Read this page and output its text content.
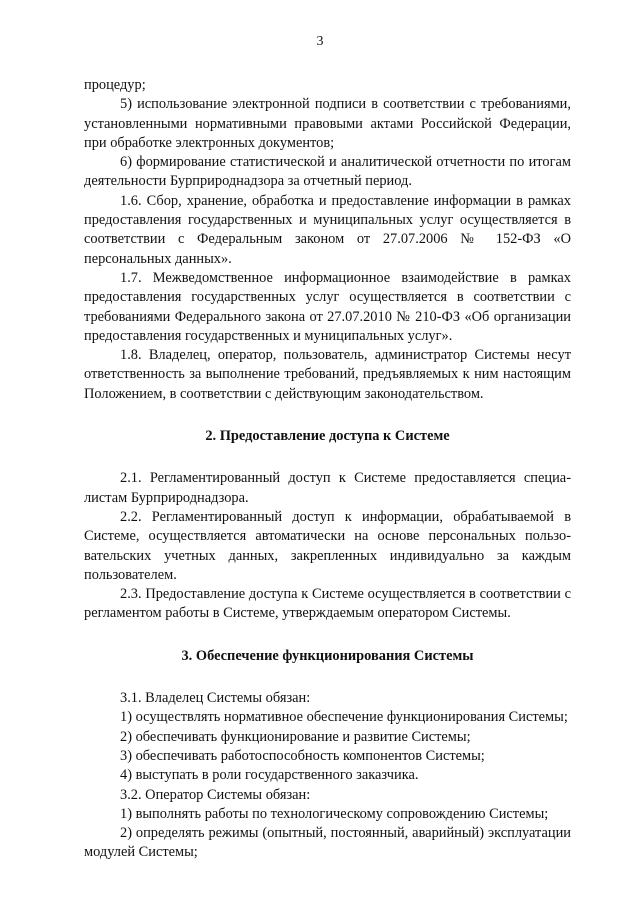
3

процедур;

5) использование электронной подписи в соответствии с требованиями, установленными нормативными правовыми актами Российской Федерации, при обработке электронных документов;

6) формирование статистической и аналитической отчетности по итогам деятельности Бурприроднадзора за отчетный период.

1.6. Сбор, хранение, обработка и предоставление информации в рамках предоставления государственных и муниципальных услуг осуществляется в соответствии с Федеральным законом от 27.07.2006 № 152-ФЗ «О персональных данных».

1.7. Межведомственное информационное взаимодействие в рамках предоставления государственных услуг осуществляется в соответствии с требованиями Федерального закона от 27.07.2010 № 210-ФЗ «Об организации предоставления государственных и муниципальных услуг».

1.8. Владелец, оператор, пользователь, администратор Системы несут ответственность за выполнение требований, предъявляемых к ним настоящим Положением, в соответствии с действующим законодательством.

2. Предоставление доступа к Системе

2.1. Регламентированный доступ к Системе предоставляется специалистам Бурприроднадзора.

2.2. Регламентированный доступ к информации, обрабатываемой в Системе, осуществляется автоматически на основе персональных пользовательских учетных данных, закрепленных индивидуально за каждым пользователем.

2.3. Предоставление доступа к Системе осуществляется в соответствии с регламентом работы в Системе, утверждаемым оператором Системы.

3. Обеспечение функционирования Системы

3.1. Владелец Системы обязан:

1) осуществлять нормативное обеспечение функционирования Системы;

2) обеспечивать функционирование и развитие Системы;

3) обеспечивать работоспособность компонентов Системы;

4) выступать в роли государственного заказчика.

3.2. Оператор Системы обязан:

1) выполнять работы по технологическому сопровождению Системы;

2) определять режимы (опытный, постоянный, аварийный) эксплуатации модулей Системы;
